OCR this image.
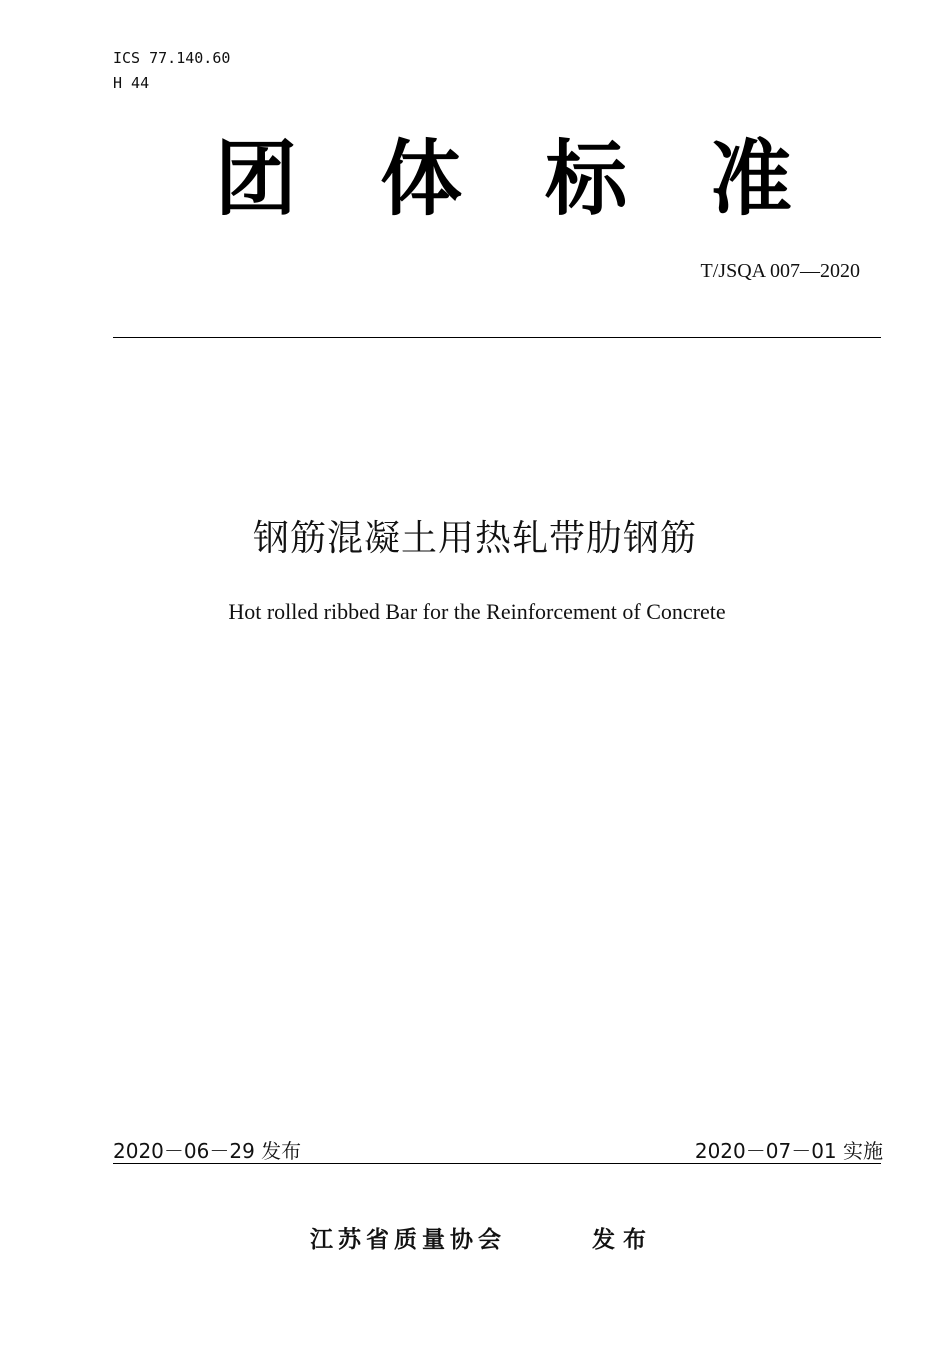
ICS 77.140.60
H 44
团 体 标 准
T/JSQA 007—2020
钢筋混凝土用热轧带肋钢筋
Hot rolled ribbed Bar for the Reinforcement of Concrete
2020－06－29 发布	2020－07－01 实施
江苏省质量协会	发布
